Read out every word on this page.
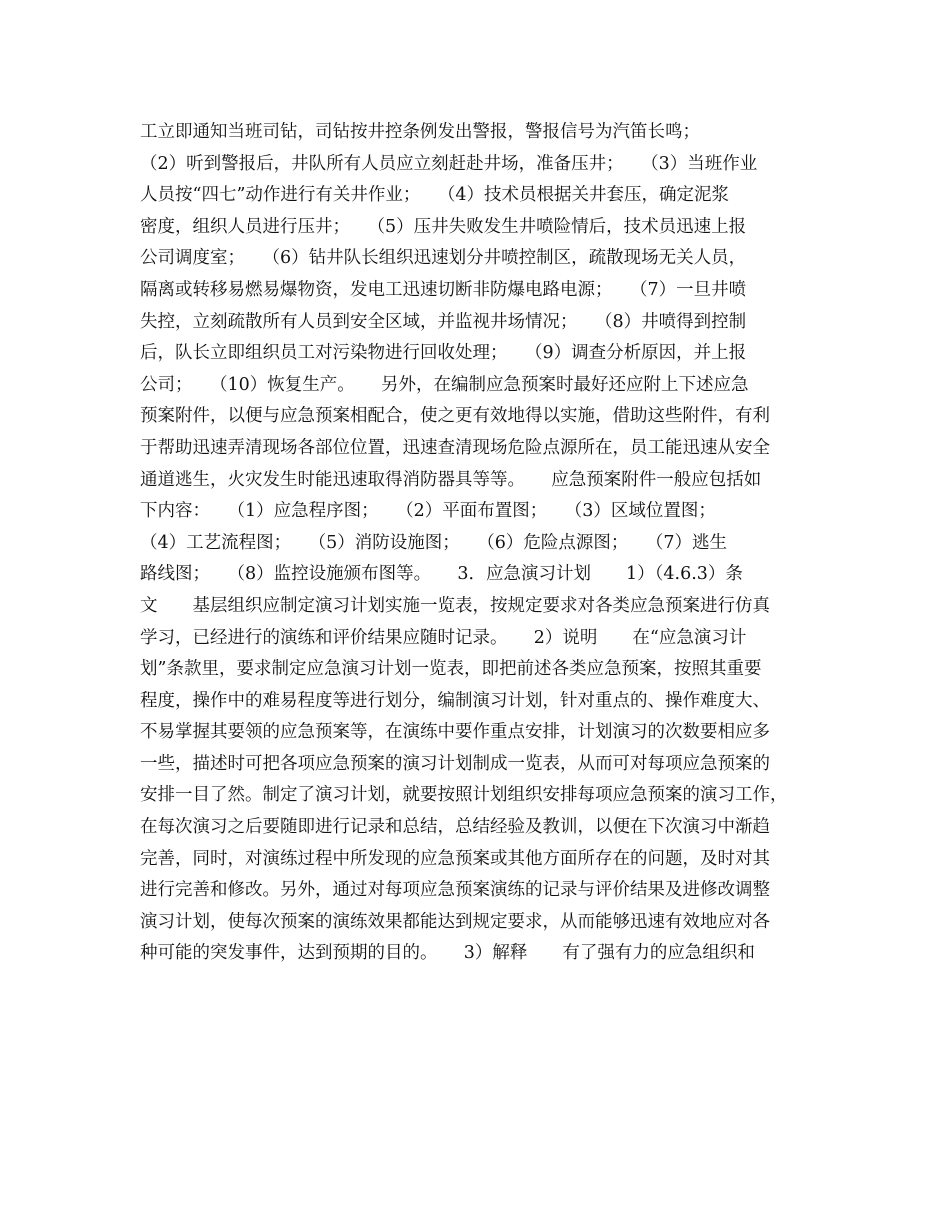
工立即通知当班司钻，司钻按井控条例发出警报，警报信号为汽笛长鸣；
（2）听到警报后，井队所有人员应立刻赶赴井场，准备压井；　　（3）当班作业
人员按“四七”动作进行有关井作业；　　（4）技术员根据关井套压，确定泥浆
密度，组织人员进行压井；　　（5）压井失败发生井喷险情后，技术员迅速上报
公司调度室；　　（6）钻井队长组织迅速划分井喷控制区，疏散现场无关人员，
隔离或转移易燃易爆物资，发电工迅速切断非防爆电路电源；　　（7）一旦井喷
失控，立刻疏散所有人员到安全区域，并监视井场情况；　　（8）井喷得到控制
后，队长立即组织员工对污染物进行回收处理；　　（9）调查分析原因，并上报
公司；　　（10）恢复生产。　　另外，在编制应急预案时最好还应附上下述应急
预案附件，以便与应急预案相配合，使之更有效地得以实施，借助这些附件，有利
于帮助迅速弄清现场各部位位置，迅速查清现场危险点源所在，员工能迅速从安全
通道逃生，火灾发生时能迅速取得消防器具等等。　　应急预案附件一般应包括如
下内容：　　（1）应急程序图；　　（2）平面布置图；　　（3）区域位置图；
（4）工艺流程图；　　（5）消防设施图；　　（6）危险点源图；　　（7）逃生
路线图；　　（8）监控设施颁布图等。　　3．应急演习计划　　1）（4.6.3）条
文　　基层组织应制定演习计划实施一览表，按规定要求对各类应急预案进行仿真
学习，已经进行的演练和评价结果应随时记录。　　2）说明　　在“应急演习计
划”条款里，要求制定应急演习计划一览表，即把前述各类应急预案，按照其重要
程度，操作中的难易程度等进行划分，编制演习计划，针对重点的、操作难度大、
不易掌握其要领的应急预案等，在演练中要作重点安排，计划演习的次数要相应多
一些，描述时可把各项应急预案的演习计划制成一览表，从而可对每项应急预案的
安排一目了然。制定了演习计划，就要按照计划组织安排每项应急预案的演习工作，
在每次演习之后要随即进行记录和总结，总结经验及教训，以便在下次演习中渐趋
完善，同时，对演练过程中所发现的应急预案或其他方面所存在的问题，及时对其
进行完善和修改。另外，通过对每项应急预案演练的记录与评价结果及进修改调整
演习计划，使每次预案的演练效果都能达到规定要求，从而能够迅速有效地应对各
种可能的突发事件，达到预期的目的。　　3）解释　　有了强有力的应急组织和
